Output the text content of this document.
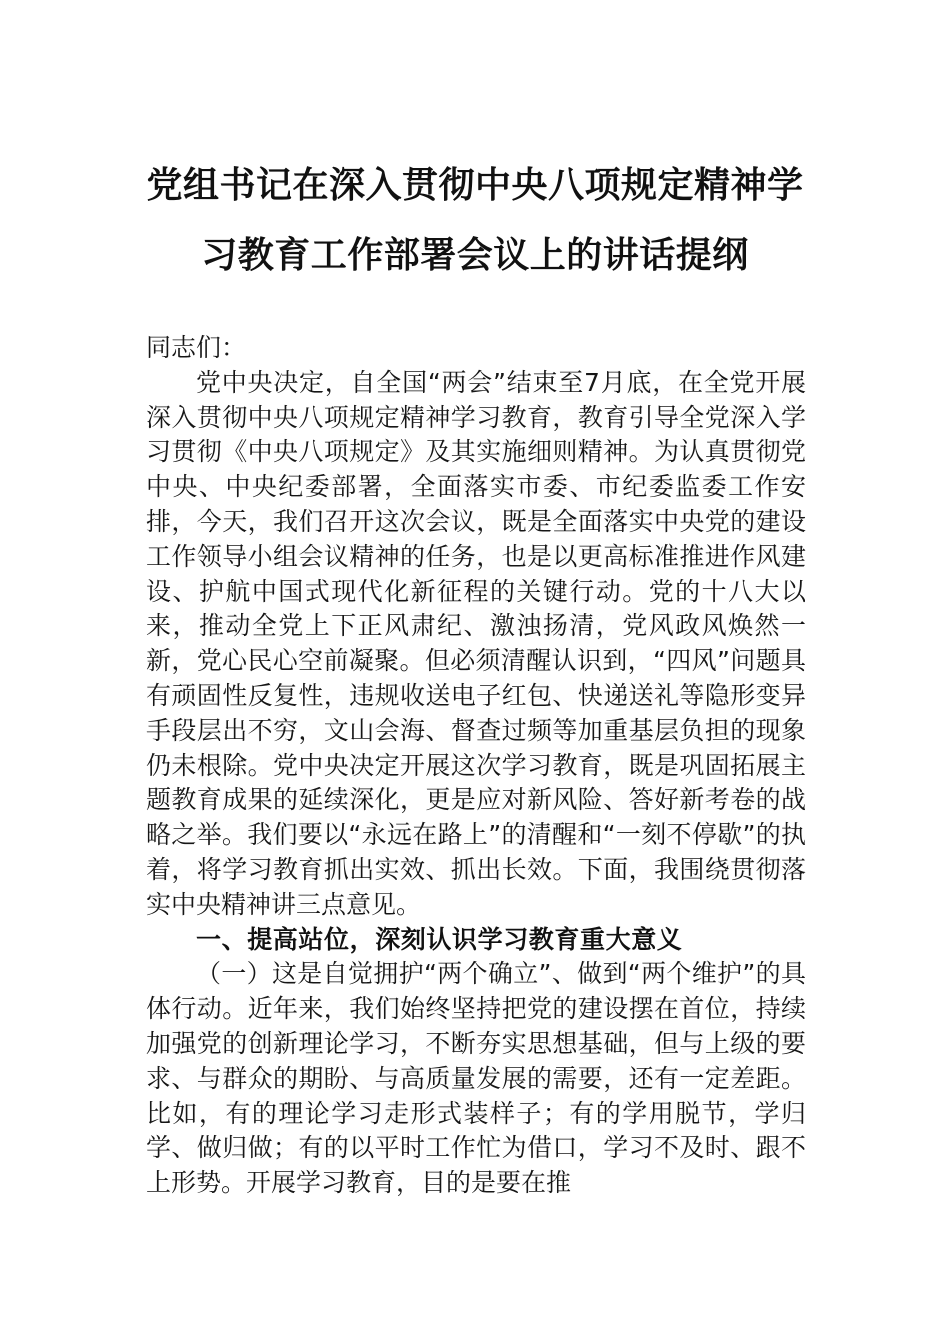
党组书记在深入贯彻中央八项规定精神学
习教育工作部署会议上的讲话提纲

同志们：

党中央决定，自全国“两会”结束至7月底，在全党开展深入贯彻中央八项规定精神学习教育，教育引导全党深入学习贯彻《中央八项规定》及其实施细则精神。为认真贯彻党中央、中央纪委部署，全面落实市委、市纪委监委工作安排，今天，我们召开这次会议，既是全面落实中央党的建设工作领导小组会议精神的任务，也是以更高标准推进作风建设、护航中国式现代化新征程的关键行动。党的十八大以来，推动全党上下正风肃纪、激浊扬清，党风政风焕然一新，党心民心空前凝聚。但必须清醒认识到，“四风”问题具有顽固性反复性，违规收送电子红包、快递送礼等隐形变异手段层出不穷，文山会海、督查过频等加重基层负担的现象仍未根除。党中央决定开展这次学习教育，既是巩固拓展主题教育成果的延续深化，更是应对新风险、答好新考卷的战略之举。我们要以“永远在路上”的清醒和“一刻不停歇”的执着，将学习教育抓出实效、抓出长效。下面，我围绕贯彻落实中央精神讲三点意见。

一、提高站位，深刻认识学习教育重大意义

（一）这是自觉拥护“两个确立”、做到“两个维护”的具体行动。近年来，我们始终坚持把党的建设摆在首位，持续加强党的创新理论学习，不断夯实思想基础，但与上级的要求、与群众的期盼、与高质量发展的需要，还有一定差距。比如，有的理论学习走形式装样子；有的学用脱节，学归学、做归做；有的以平时工作忙为借口，学习不及时、跟不上形势。开展学习教育，目的是要在推
